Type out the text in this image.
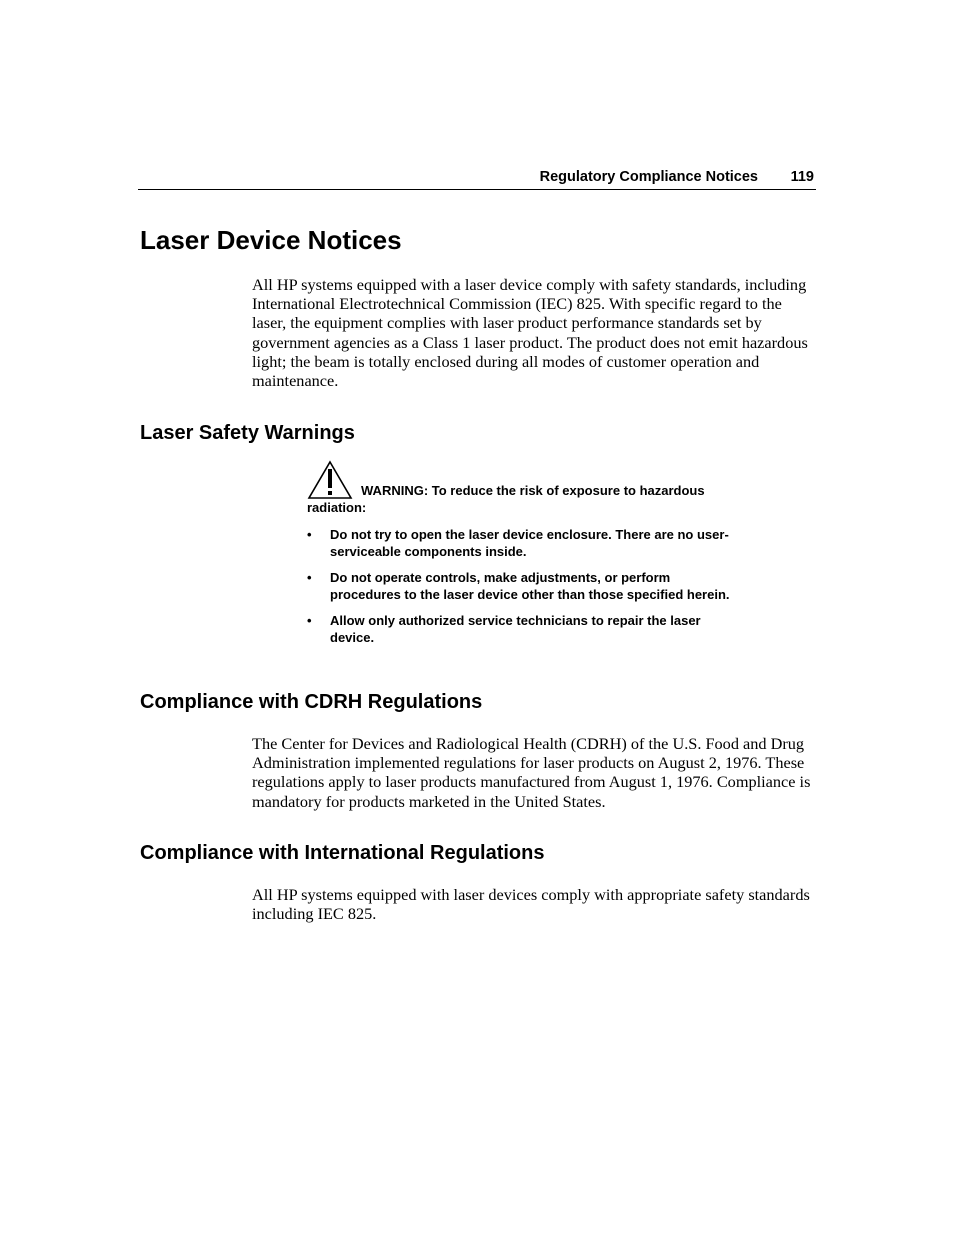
Regulatory Compliance Notices 119
Laser Device Notices

All HP systems equipped with a laser device comply with safety standards, including International Electrotechnical Commission (IEC) 825. With specific regard to the laser, the equipment complies with laser product performance standards set by government agencies as a Class 1 laser product. The product does not emit hazardous light; the beam is totally enclosed during all modes of customer operation and maintenance.

Laser Safety Warnings

WARNING: To reduce the risk of exposure to hazardous radiation:

• Do not try to open the laser device enclosure. There are no user-serviceable components inside.
• Do not operate controls, make adjustments, or perform procedures to the laser device other than those specified herein.
• Allow only authorized service technicians to repair the laser device.
Compliance with CDRH Regulations

The Center for Devices and Radiological Health (CDRH) of the U.S. Food and Drug Administration implemented regulations for laser products on August 2, 1976. These regulations apply to laser products manufactured from August 1, 1976. Compliance is mandatory for products marketed in the United States.

Compliance with International Regulations

All HP systems equipped with laser devices comply with appropriate safety standards including IEC 825.
